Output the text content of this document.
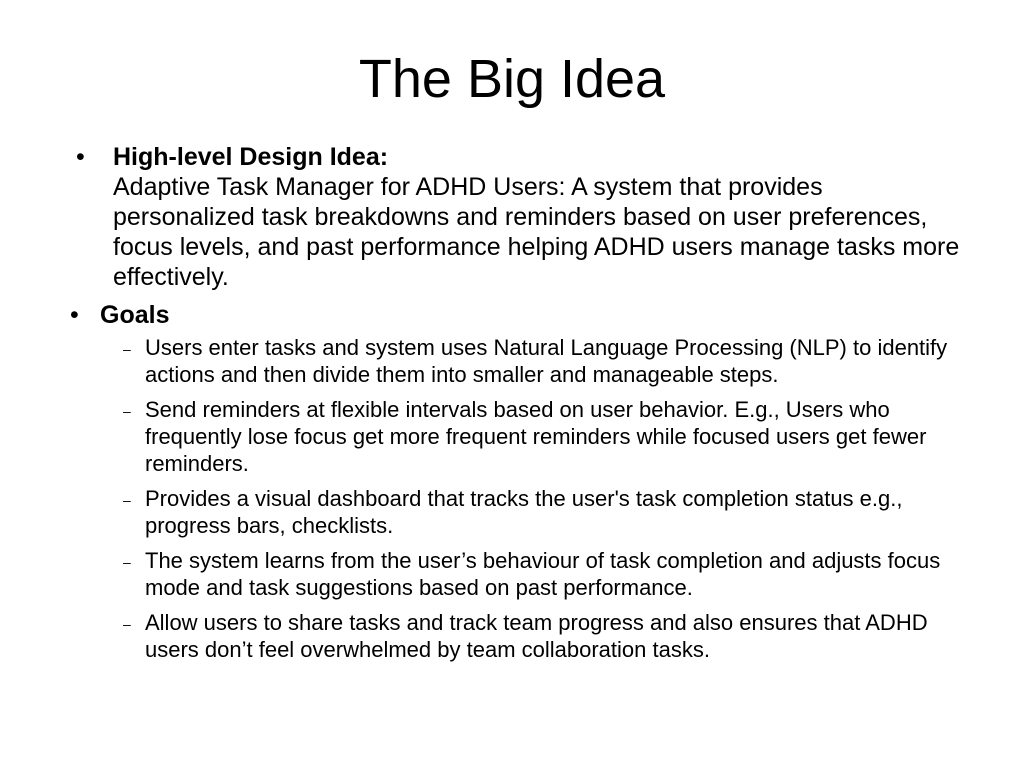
The Big Idea
• High-level Design Idea:
Adaptive Task Manager for ADHD Users: A system that provides personalized task breakdowns and reminders based on user preferences, focus levels, and past performance helping ADHD users manage tasks more effectively.
• Goals
– Users enter tasks and system uses Natural Language Processing (NLP) to identify actions and then divide them into smaller and manageable steps.
– Send reminders at flexible intervals based on user behavior. E.g., Users who frequently lose focus get more frequent reminders while focused users get fewer reminders.
– Provides a visual dashboard that tracks the user's task completion status e.g., progress bars, checklists.
– The system learns from the user’s behaviour of task completion and adjusts focus mode and task suggestions based on past performance.
– Allow users to share tasks and track team progress and also ensures that ADHD users don’t feel overwhelmed by team collaboration tasks.
